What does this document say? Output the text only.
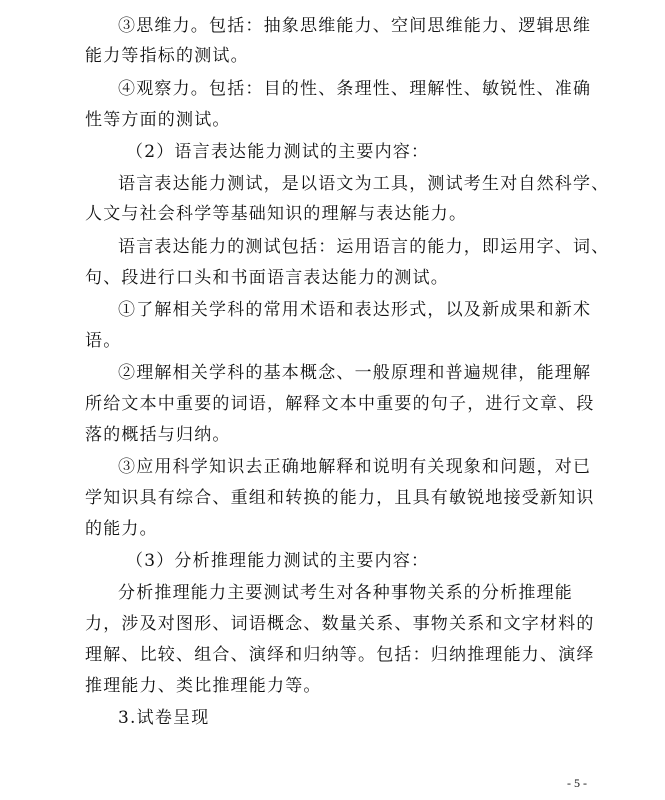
③思维力。包括：抽象思维能力、空间思维能力、逻辑思维
能力等指标的测试。
④观察力。包括：目的性、条理性、理解性、敏锐性、准确
性等方面的测试。
（2）语言表达能力测试的主要内容：
语言表达能力测试，是以语文为工具，测试考生对自然科学、
人文与社会科学等基础知识的理解与表达能力。
语言表达能力的测试包括：运用语言的能力，即运用字、词、
句、段进行口头和书面语言表达能力的测试。
①了解相关学科的常用术语和表达形式，以及新成果和新术
语。
②理解相关学科的基本概念、一般原理和普遍规律，能理解
所给文本中重要的词语，解释文本中重要的句子，进行文章、段
落的概括与归纳。
③应用科学知识去正确地解释和说明有关现象和问题，对已
学知识具有综合、重组和转换的能力，且具有敏锐地接受新知识
的能力。
（3）分析推理能力测试的主要内容：
分析推理能力主要测试考生对各种事物关系的分析推理能
力，涉及对图形、词语概念、数量关系、事物关系和文字材料的
理解、比较、组合、演绎和归纳等。包括：归纳推理能力、演绎
推理能力、类比推理能力等。
3.试卷呈现
- 5 -
